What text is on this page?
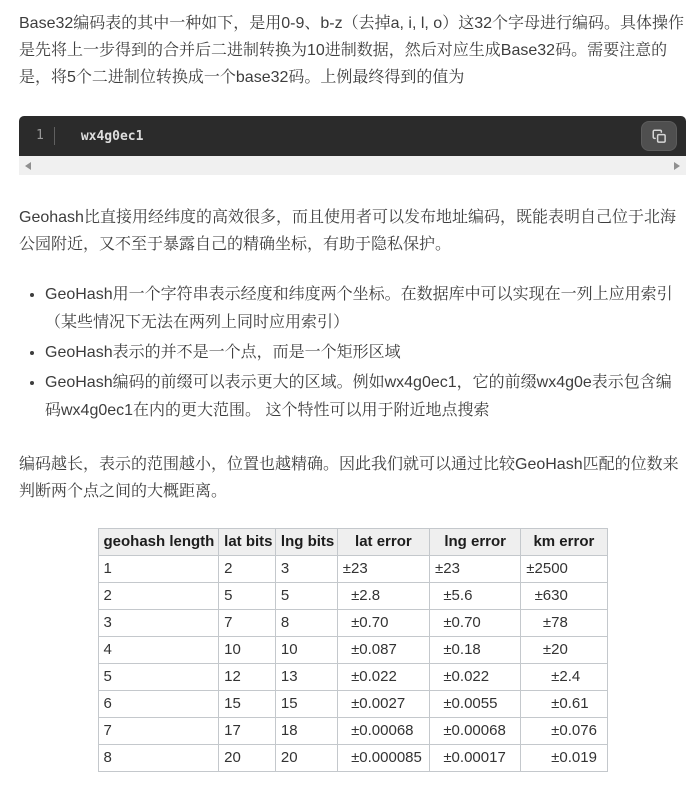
Base32编码表的其中一种如下，是用0-9、b-z（去掉a, i, l, o）这32个字母进行编码。具体操作是先将上一步得到的合并后二进制转换为10进制数据，然后对应生成Base32码。需要注意的是，将5个二进制位转换成一个base32码。上例最终得到的值为

1	wx4g0ec1

Geohash比直接用经纬度的高效很多，而且使用者可以发布地址编码，既能表明自己位于北海公园附近，又不至于暴露自己的精确坐标，有助于隐私保护。

• GeoHash用一个字符串表示经度和纬度两个坐标。在数据库中可以实现在一列上应用索引（某些情况下无法在两列上同时应用索引）
• GeoHash表示的并不是一个点，而是一个矩形区域
• GeoHash编码的前缀可以表示更大的区域。例如wx4g0ec1，它的前缀wx4g0e表示包含编码wx4g0ec1在内的更大范围。 这个特性可以用于附近地点搜索

编码越长，表示的范围越小，位置也越精确。因此我们就可以通过比较GeoHash匹配的位数来判断两个点之间的大概距离。

geohash length	lat bits	lng bits	lat error	lng error	km error
1	2	3	±23	±23	±2500
2	5	5	±2.8	±5.6	±630
3	7	8	±0.70	±0.70	±78
4	10	10	±0.087	±0.18	±20
5	12	13	±0.022	±0.022	±2.4
6	15	15	±0.0027	±0.0055	±0.61
7	17	18	±0.00068	±0.00068	±0.076
8	20	20	±0.000085	±0.00017	±0.019
